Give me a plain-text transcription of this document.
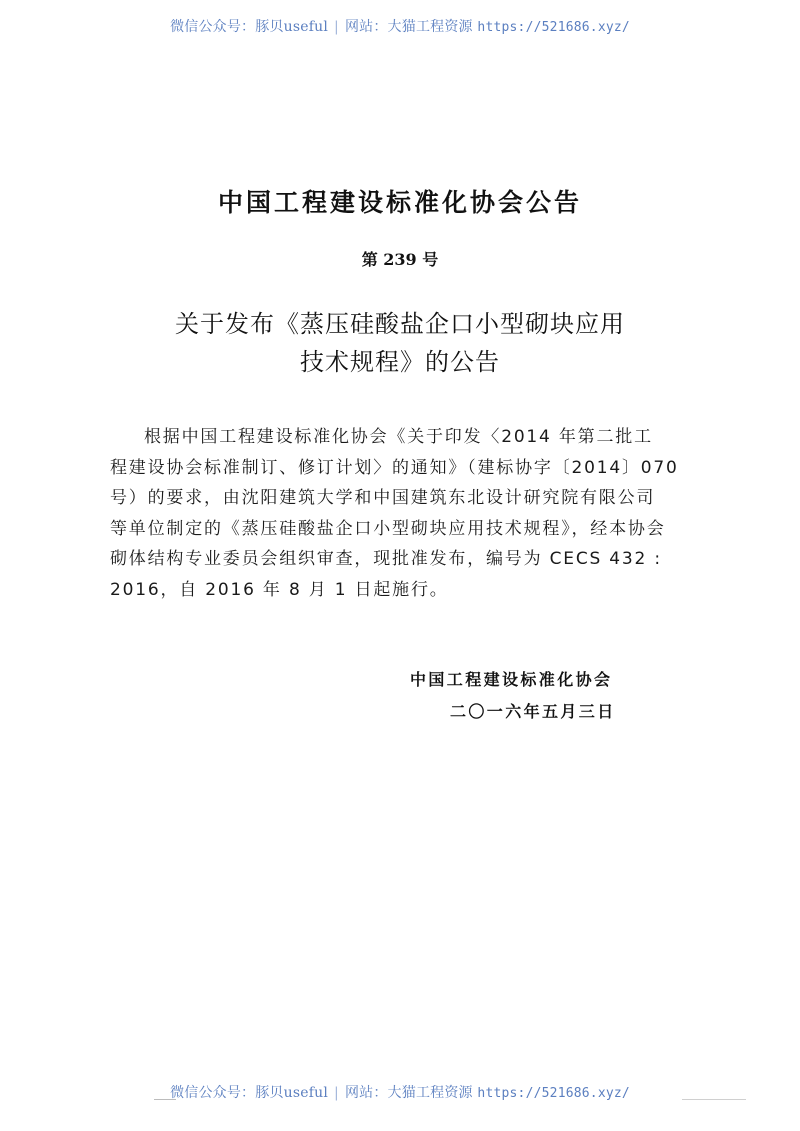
微信公众号：豚贝useful | 网站：大猫工程资源 https://521686.xyz/
中国工程建设标准化协会公告
第 239 号
关于发布《蒸压硅酸盐企口小型砌块应用
技术规程》的公告
根据中国工程建设标准化协会《关于印发〈2014 年第二批工
程建设协会标准制订、修订计划〉的通知》（建标协字〔2014〕070
号）的要求，由沈阳建筑大学和中国建筑东北设计研究院有限公司
等单位制定的《蒸压硅酸盐企口小型砌块应用技术规程》，经本协会
砌体结构专业委员会组织审查，现批准发布，编号为 CECS 432 :
2016，自 2016 年 8 月 1 日起施行。
中国工程建设标准化协会
二〇一六年五月三日
微信公众号：豚贝useful | 网站：大猫工程资源 https://521686.xyz/
